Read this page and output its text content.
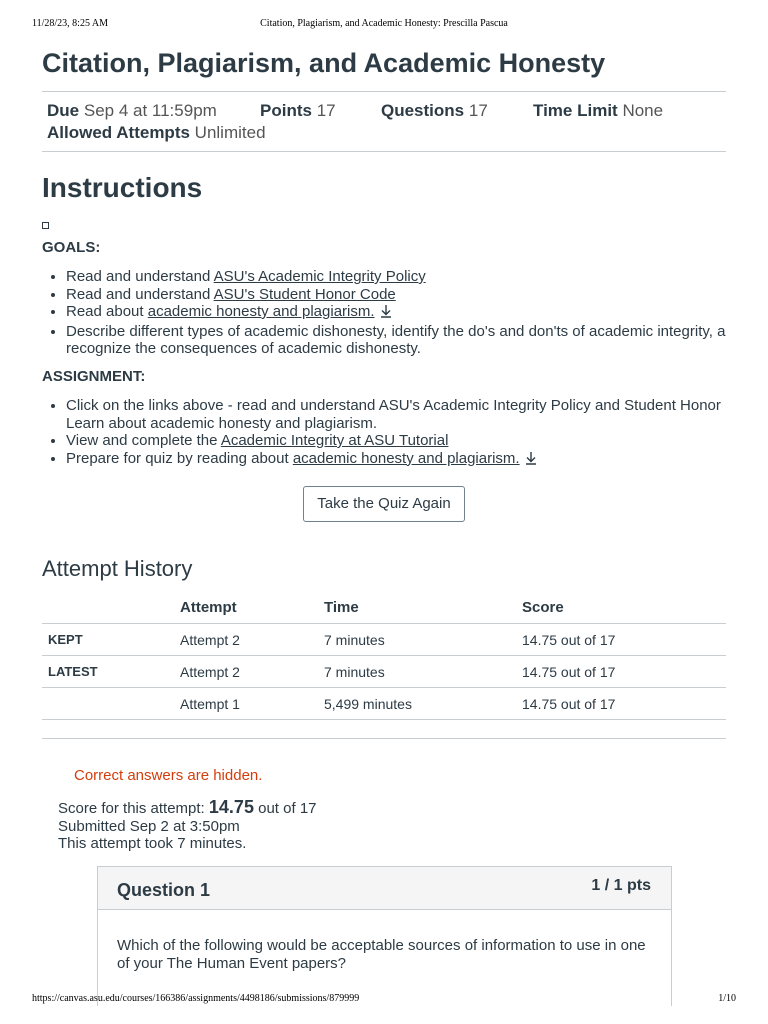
11/28/23, 8:25 AM	Citation, Plagiarism, and Academic Honesty: Prescilla Pascua
Citation, Plagiarism, and Academic Honesty
Due Sep 4 at 11:59pm	Points 17	Questions 17	Time Limit None
Allowed Attempts Unlimited
Instructions
GOALS:
• Read and understand ASU's Academic Integrity Policy
• Read and understand ASU's Student Honor Code
• Read about academic honesty and plagiarism.
• Describe different types of academic dishonesty, identify the do's and don'ts of academic integrity, a
recognize the consequences of academic dishonesty.
ASSIGNMENT:
• Click on the links above - read and understand ASU's Academic Integrity Policy and Student Honor
Learn about academic honesty and plagiarism.
• View and complete the Academic Integrity at ASU Tutorial
• Prepare for quiz by reading about academic honesty and plagiarism.
Take the Quiz Again
Attempt History
	Attempt	Time	Score
KEPT	Attempt 2	7 minutes	14.75 out of 17
LATEST	Attempt 2	7 minutes	14.75 out of 17
	Attempt 1	5,499 minutes	14.75 out of 17
Correct answers are hidden.
Score for this attempt: 14.75 out of 17
Submitted Sep 2 at 3:50pm
This attempt took 7 minutes.
Question 1	1 / 1 pts
Which of the following would be acceptable sources of information to use in one of your The Human Event papers?
https://canvas.asu.edu/courses/166386/assignments/4498186/submissions/879999	1/10
